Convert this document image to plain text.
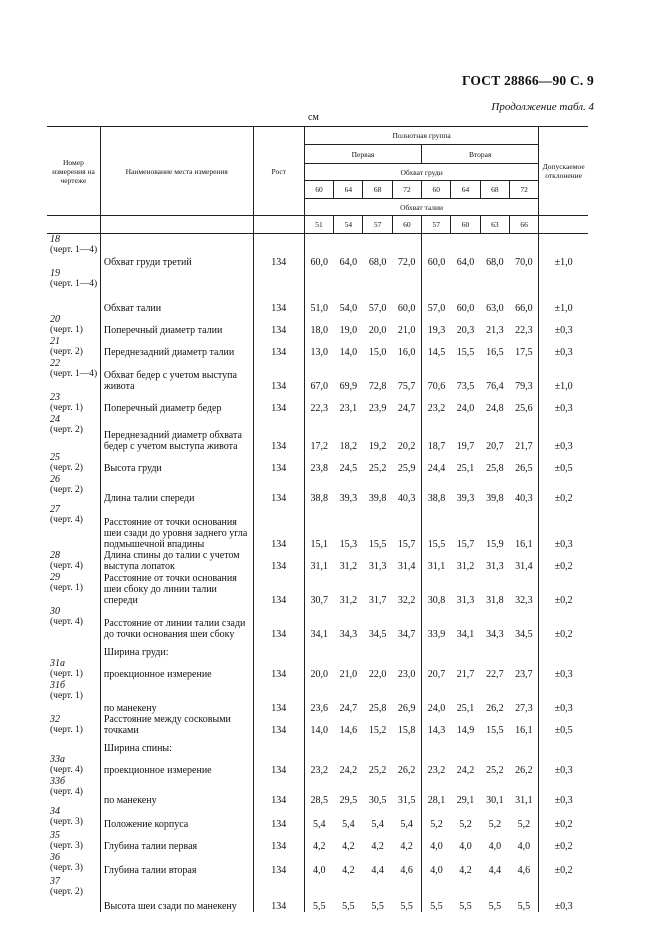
ГОСТ 28866—90 С. 9
Продолжение табл. 4
см
Номер измерения на чертеже	Наименование места измерения	Рост	Полнотная группа								Допускаемое отклонение
			Первая				Вторая				
			Обхват груди								
			60	64	68	72	60	64	68	72	
			Обхват талии								
			51	54	57	60	57	60	63	66	

18
(черт. 1—4)	Обхват груди третий	134	60,0	64,0	68,0	72,0	60,0	64,0	68,0	70,0	±1,0

19
(черт. 1—4)	Обхват талии	134	51,0	54,0	57,0	60,0	57,0	60,0	63,0	66,0	±1,0

20
(черт. 1)	Поперечный диаметр талии	134	18,0	19,0	20,0	21,0	19,3	20,3	21,3	22,3	±0,3

21
(черт. 2)	Переднезадний диаметр талии	134	13,0	14,0	15,0	16,0	14,5	15,5	16,5	17,5	±0,3

22
(черт. 1—4)	Обхват бедер с учетом выступа живота	134	67,0	69,9	72,8	75,7	70,6	73,5	76,4	79,3	±1,0

23
(черт. 1)	Поперечный диаметр бедер	134	22,3	23,1	23,9	24,7	23,2	24,0	24,8	25,6	±0,3

24
(черт. 2)	Переднезадний диаметр обхвата бедер с учетом выступа живота	134	17,2	18,2	19,2	20,2	18,7	19,7	20,7	21,7	±0,3

25
(черт. 2)	Высота груди	134	23,8	24,5	25,2	25,9	24,4	25,1	25,8	26,5	±0,5

26
(черт. 2)	Длина талии спереди	134	38,8	39,3	39,8	40,3	38,8	39,3	39,8	40,3	±0,2

27
(черт. 4)	Расстояние от точки основания шеи сзади до уровня заднего угла подмышечной впадины	134	15,1	15,3	15,5	15,7	15,5	15,7	15,9	16,1	±0,3

28
(черт. 4)	Длина спины до талии с учетом выступа лопаток	134	31,1	31,2	31,3	31,4	31,1	31,2	31,3	31,4	±0,2

29
(черт. 1)	Расстояние от точки основания шеи сбоку до линии талии спереди	134	30,7	31,2	31,7	32,2	30,8	31,3	31,8	32,3	±0,2

30
(черт. 4)	Расстояние от линии талии сзади до точки основания шеи сбоку	134	34,1	34,3	34,5	34,7	33,9	34,1	34,3	34,5	±0,2

	Ширина груди:										

31а
(черт. 1)	проекционное измерение	134	20,0	21,0	22,0	23,0	20,7	21,7	22,7	23,7	±0,3

31б
(черт. 1)	по манекену	134	23,6	24,7	25,8	26,9	24,0	25,1	26,2	27,3	±0,3

32
(черт. 1)	Расстояние между сосковыми точками	134	14,0	14,6	15,2	15,8	14,3	14,9	15,5	16,1	±0,5

	Ширина спины:										

33а
(черт. 4)	проекционное измерение	134	23,2	24,2	25,2	26,2	23,2	24,2	25,2	26,2	±0,3

33б
(черт. 4)	по манекену	134	28,5	29,5	30,5	31,5	28,1	29,1	30,1	31,1	±0,3

34
(черт. 3)	Положение корпуса	134	5,4	5,4	5,4	5,4	5,2	5,2	5,2	5,2	±0,2

35
(черт. 3)	Глубина талии первая	134	4,2	4,2	4,2	4,2	4,0	4,0	4,0	4,0	±0,2

36
(черт. 3)	Глубина талии вторая	134	4,0	4,2	4,4	4,6	4,0	4,2	4,4	4,6	±0,2

37
(черт. 2)	Высота шеи сзади по манекену	134	5,5	5,5	5,5	5,5	5,5	5,5	5,5	5,5	±0,3
